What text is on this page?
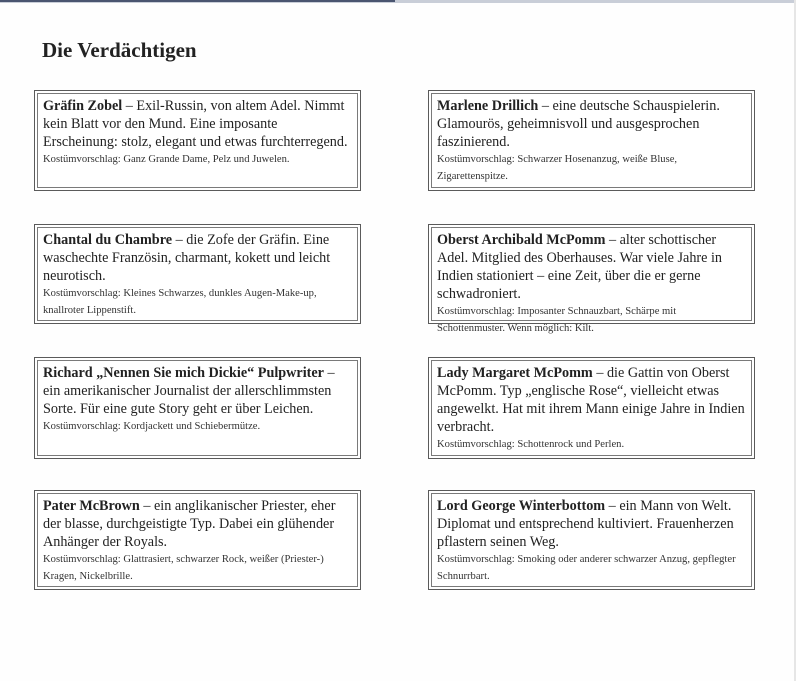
Die Verdächtigen
Gräfin Zobel – Exil-Russin, von altem Adel. Nimmt kein Blatt vor den Mund. Eine imposante Erscheinung: stolz, elegant und etwas furchterregend.
Kostümvorschlag: Ganz Grande Dame, Pelz und Juwelen.
Marlene Drillich – eine deutsche Schauspielerin. Glamourös, geheimnisvoll und ausgesprochen faszinierend.
Kostümvorschlag: Schwarzer Hosenanzug, weiße Bluse, Zigarettenspitze.
Chantal du Chambre – die Zofe der Gräfin. Eine waschechte Französin, charmant, kokett und leicht neurotisch.
Kostümvorschlag: Kleines Schwarzes, dunkles Augen-Make-up, knallroter Lippenstift.
Oberst Archibald McPomm – alter schottischer Adel. Mitglied des Oberhauses. War viele Jahre in Indien stationiert – eine Zeit, über die er gerne schwadroniert.
Kostümvorschlag: Imposanter Schnauzbart, Schärpe mit Schottenmuster. Wenn möglich: Kilt.
Richard „Nennen Sie mich Dickie“ Pulpwriter – ein amerikanischer Journalist der allerschlimmsten Sorte. Für eine gute Story geht er über Leichen.
Kostümvorschlag: Kordjackett und Schiebermütze.
Lady Margaret McPomm – die Gattin von Oberst McPomm. Typ „englische Rose“, vielleicht etwas angewelkt. Hat mit ihrem Mann einige Jahre in Indien verbracht.
Kostümvorschlag: Schottenrock und Perlen.
Pater McBrown – ein anglikanischer Priester, eher der blasse, durchgeistigte Typ. Dabei ein glühender Anhänger der Royals.
Kostümvorschlag: Glattrasiert, schwarzer Rock, weißer (Priester-) Kragen, Nickelbrille.
Lord George Winterbottom – ein Mann von Welt. Diplomat und entsprechend kultiviert. Frauenherzen pflastern seinen Weg.
Kostümvorschlag: Smoking oder anderer schwarzer Anzug, gepflegter Schnurrbart.
